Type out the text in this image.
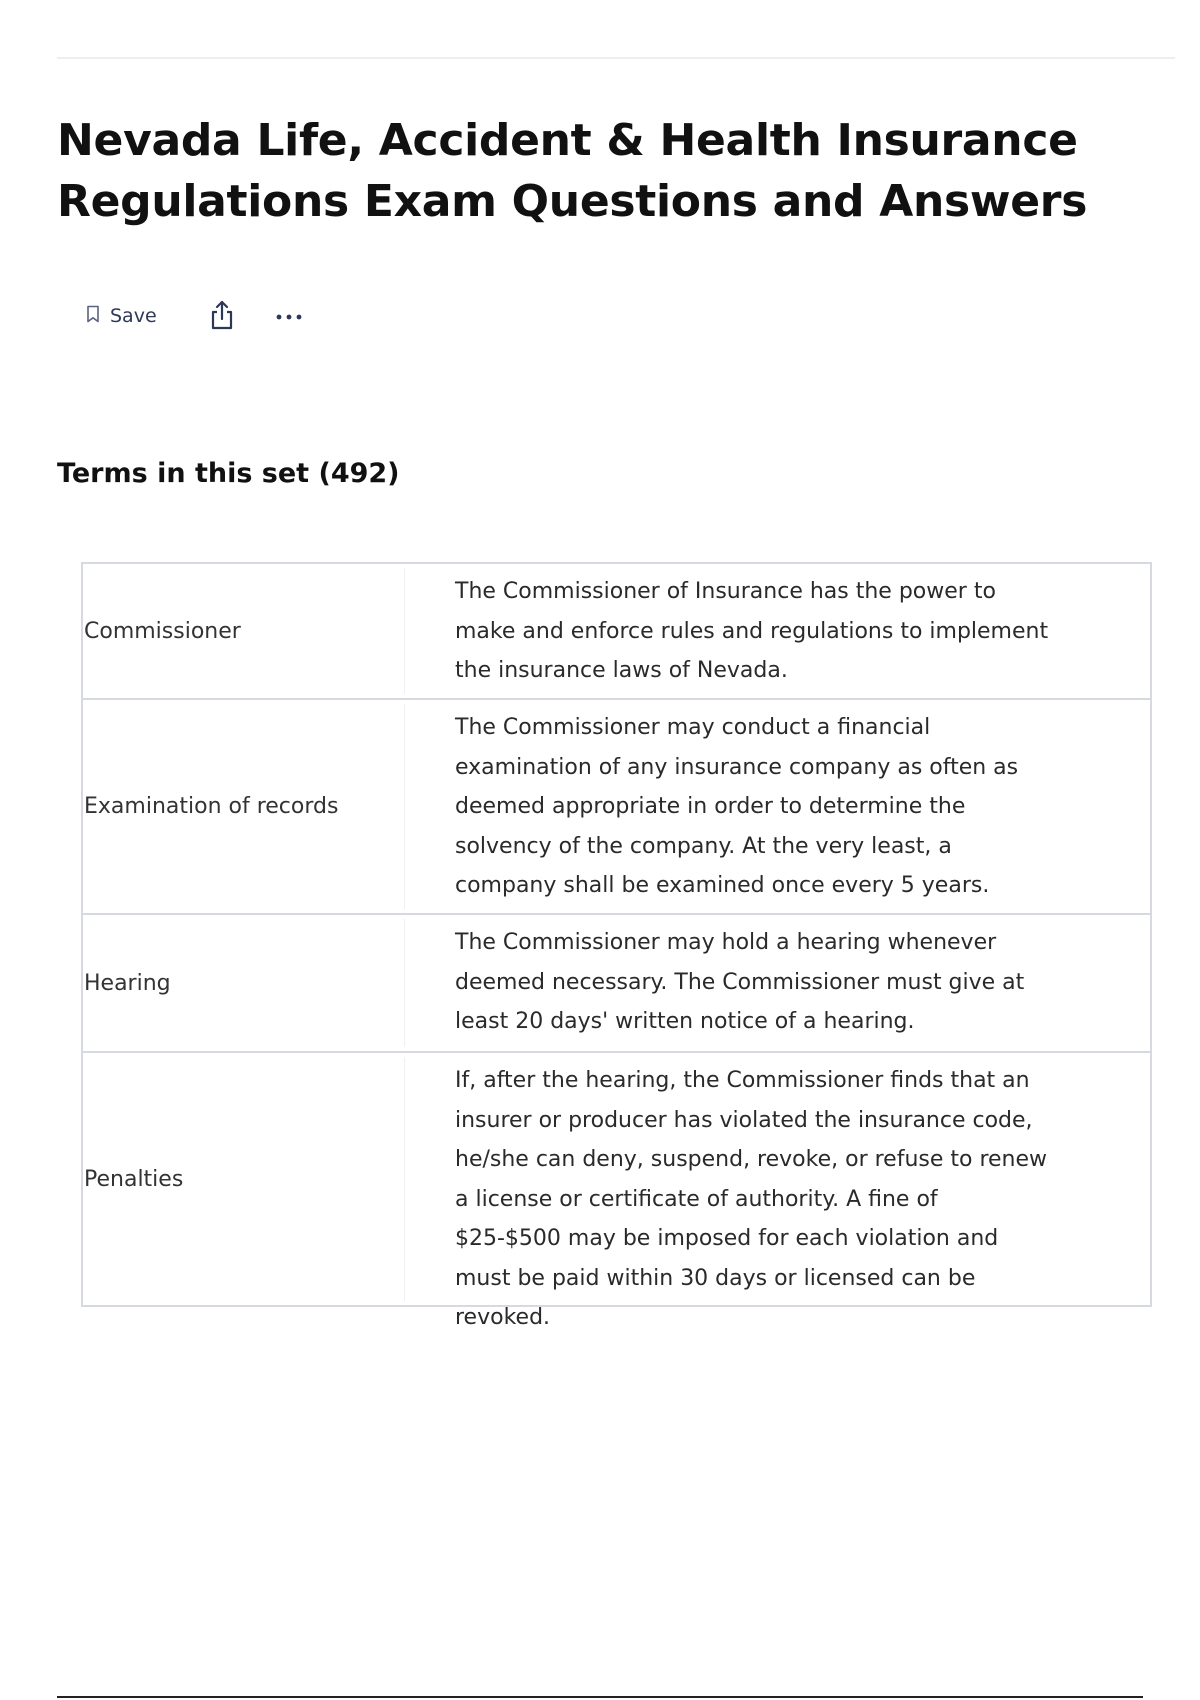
Nevada Life, Accident & Health Insurance Regulations Exam Questions and Answers
Save
Terms in this set (492)
Commissioner
The Commissioner of Insurance has the power to make and enforce rules and regulations to implement the insurance laws of Nevada.
Examination of records
The Commissioner may conduct a financial examination of any insurance company as often as deemed appropriate in order to determine the solvency of the company. At the very least, a company shall be examined once every 5 years.
Hearing
The Commissioner may hold a hearing whenever deemed necessary. The Commissioner must give at least 20 days' written notice of a hearing.
Penalties
If, after the hearing, the Commissioner finds that an insurer or producer has violated the insurance code, he/she can deny, suspend, revoke, or refuse to renew a license or certificate of authority. A fine of $25-$500 may be imposed for each violation and must be paid within 30 days or licensed can be revoked.
